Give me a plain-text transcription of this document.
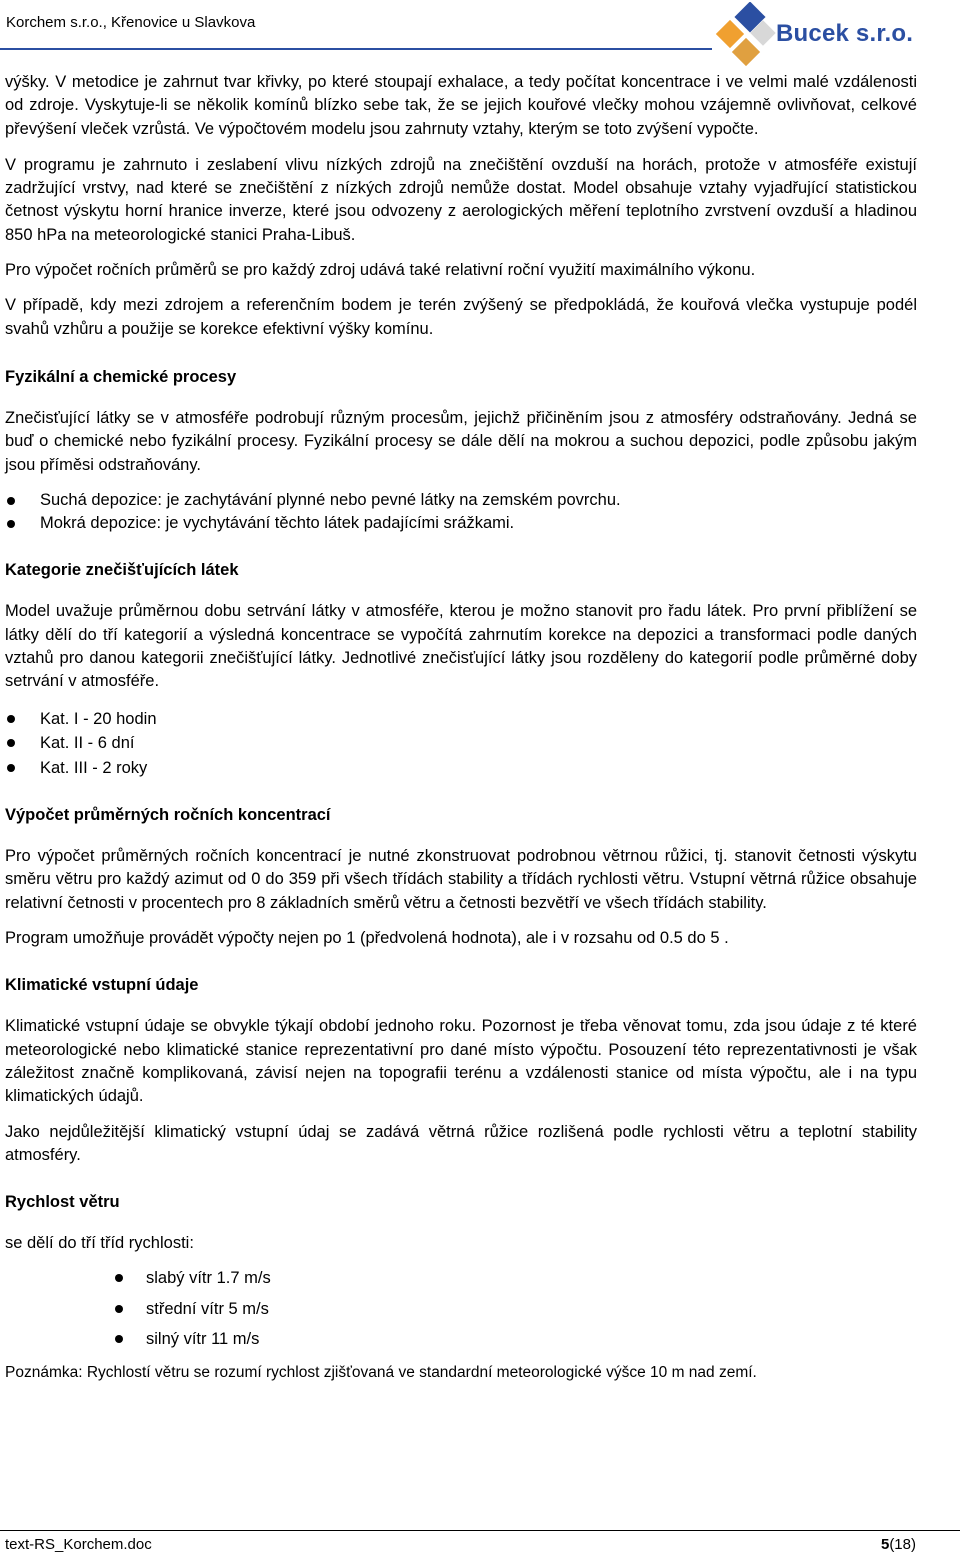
Korchem s.r.o., Křenovice u Slavkova	Bucek s.r.o.

výšky. V metodice je zahrnut tvar křivky, po které stoupají exhalace, a tedy počítat koncentrace i ve velmi malé vzdálenosti od zdroje. Vyskytuje-li se několik komínů blízko sebe tak, že se jejich kouřové vlečky mohou vzájemně ovlivňovat, celkové převýšení vleček vzrůstá. Ve výpočtovém modelu jsou zahrnuty vztahy, kterým se toto zvýšení vypočte.

V programu je zahrnuto i zeslabení vlivu nízkých zdrojů na znečištění ovzduší na horách, protože v atmosféře existují zadržující vrstvy, nad které se znečištění z nízkých zdrojů nemůže dostat. Model obsahuje vztahy vyjadřující statistickou četnost výskytu horní hranice inverze, které jsou odvozeny z aerologických měření teplotního zvrstvení ovzduší a hladinou 850 hPa na meteorologické stanici Praha-Libuš.

Pro výpočet ročních průměrů se pro každý zdroj udává také relativní roční využití maximálního výkonu.

V případě, kdy mezi zdrojem a referenčním bodem je terén zvýšený se předpokládá, že kouřová vlečka vystupuje podél svahů vzhůru a použije se korekce efektivní výšky komínu.

Fyzikální a chemické procesy

Znečisťující látky se v atmosféře podrobují různým procesům, jejichž přičiněním jsou z atmosféry odstraňovány. Jedná se buď o chemické nebo fyzikální procesy. Fyzikální procesy se dále dělí na mokrou a suchou depozici, podle způsobu jakým jsou příměsi odstraňovány.

Suchá depozice: je zachytávání plynné nebo pevné látky na zemském povrchu.
Mokrá depozice: je vychytávání těchto látek padajícími srážkami.
Kategorie znečišťujících látek

Model uvažuje průměrnou dobu setrvání látky v atmosféře, kterou je možno stanovit pro řadu látek. Pro první přiblížení se látky dělí do tří kategorií a výsledná koncentrace se vypočítá zahrnutím korekce na depozici a transformaci podle daných vztahů pro danou kategorii znečišťující látky. Jednotlivé znečisťující látky jsou rozděleny do kategorií podle průměrné doby setrvání v atmosféře.

Kat. I - 20 hodin
Kat. II - 6 dní
Kat. III - 2 roky
Výpočet průměrných ročních koncentrací

Pro výpočet průměrných ročních koncentrací je nutné zkonstruovat podrobnou větrnou růžici, tj. stanovit četnosti výskytu směru větru pro každý azimut od 0 do 359 při všech třídách stability a třídách rychlosti větru. Vstupní větrná růžice obsahuje relativní četnosti v procentech pro 8 základních směrů větru a četnosti bezvětří ve všech třídách stability.

Program umožňuje provádět výpočty nejen po 1 (předvolená hodnota), ale i v rozsahu od 0.5 do 5 .

Klimatické vstupní údaje

Klimatické vstupní údaje se obvykle týkají období jednoho roku. Pozornost je třeba věnovat tomu, zda jsou údaje z té které meteorologické nebo klimatické stanice reprezentativní pro dané místo výpočtu. Posouzení této reprezentativnosti je však záležitost značně komplikovaná, závisí nejen na topografii terénu a vzdálenosti stanice od místa výpočtu, ale i na typu klimatických údajů.

Jako nejdůležitější klimatický vstupní údaj se zadává větrná růžice rozlišená podle rychlosti větru a teplotní stability atmosféry.

Rychlost větru

se dělí do tří tříd rychlosti:

slabý vítr 1.7 m/s
střední vítr 5 m/s
silný vítr 11 m/s

Poznámka: Rychlostí větru se rozumí rychlost zjišťovaná ve standardní meteorologické výšce 10 m nad zemí.

text-RS_Korchem.doc	5(18)
